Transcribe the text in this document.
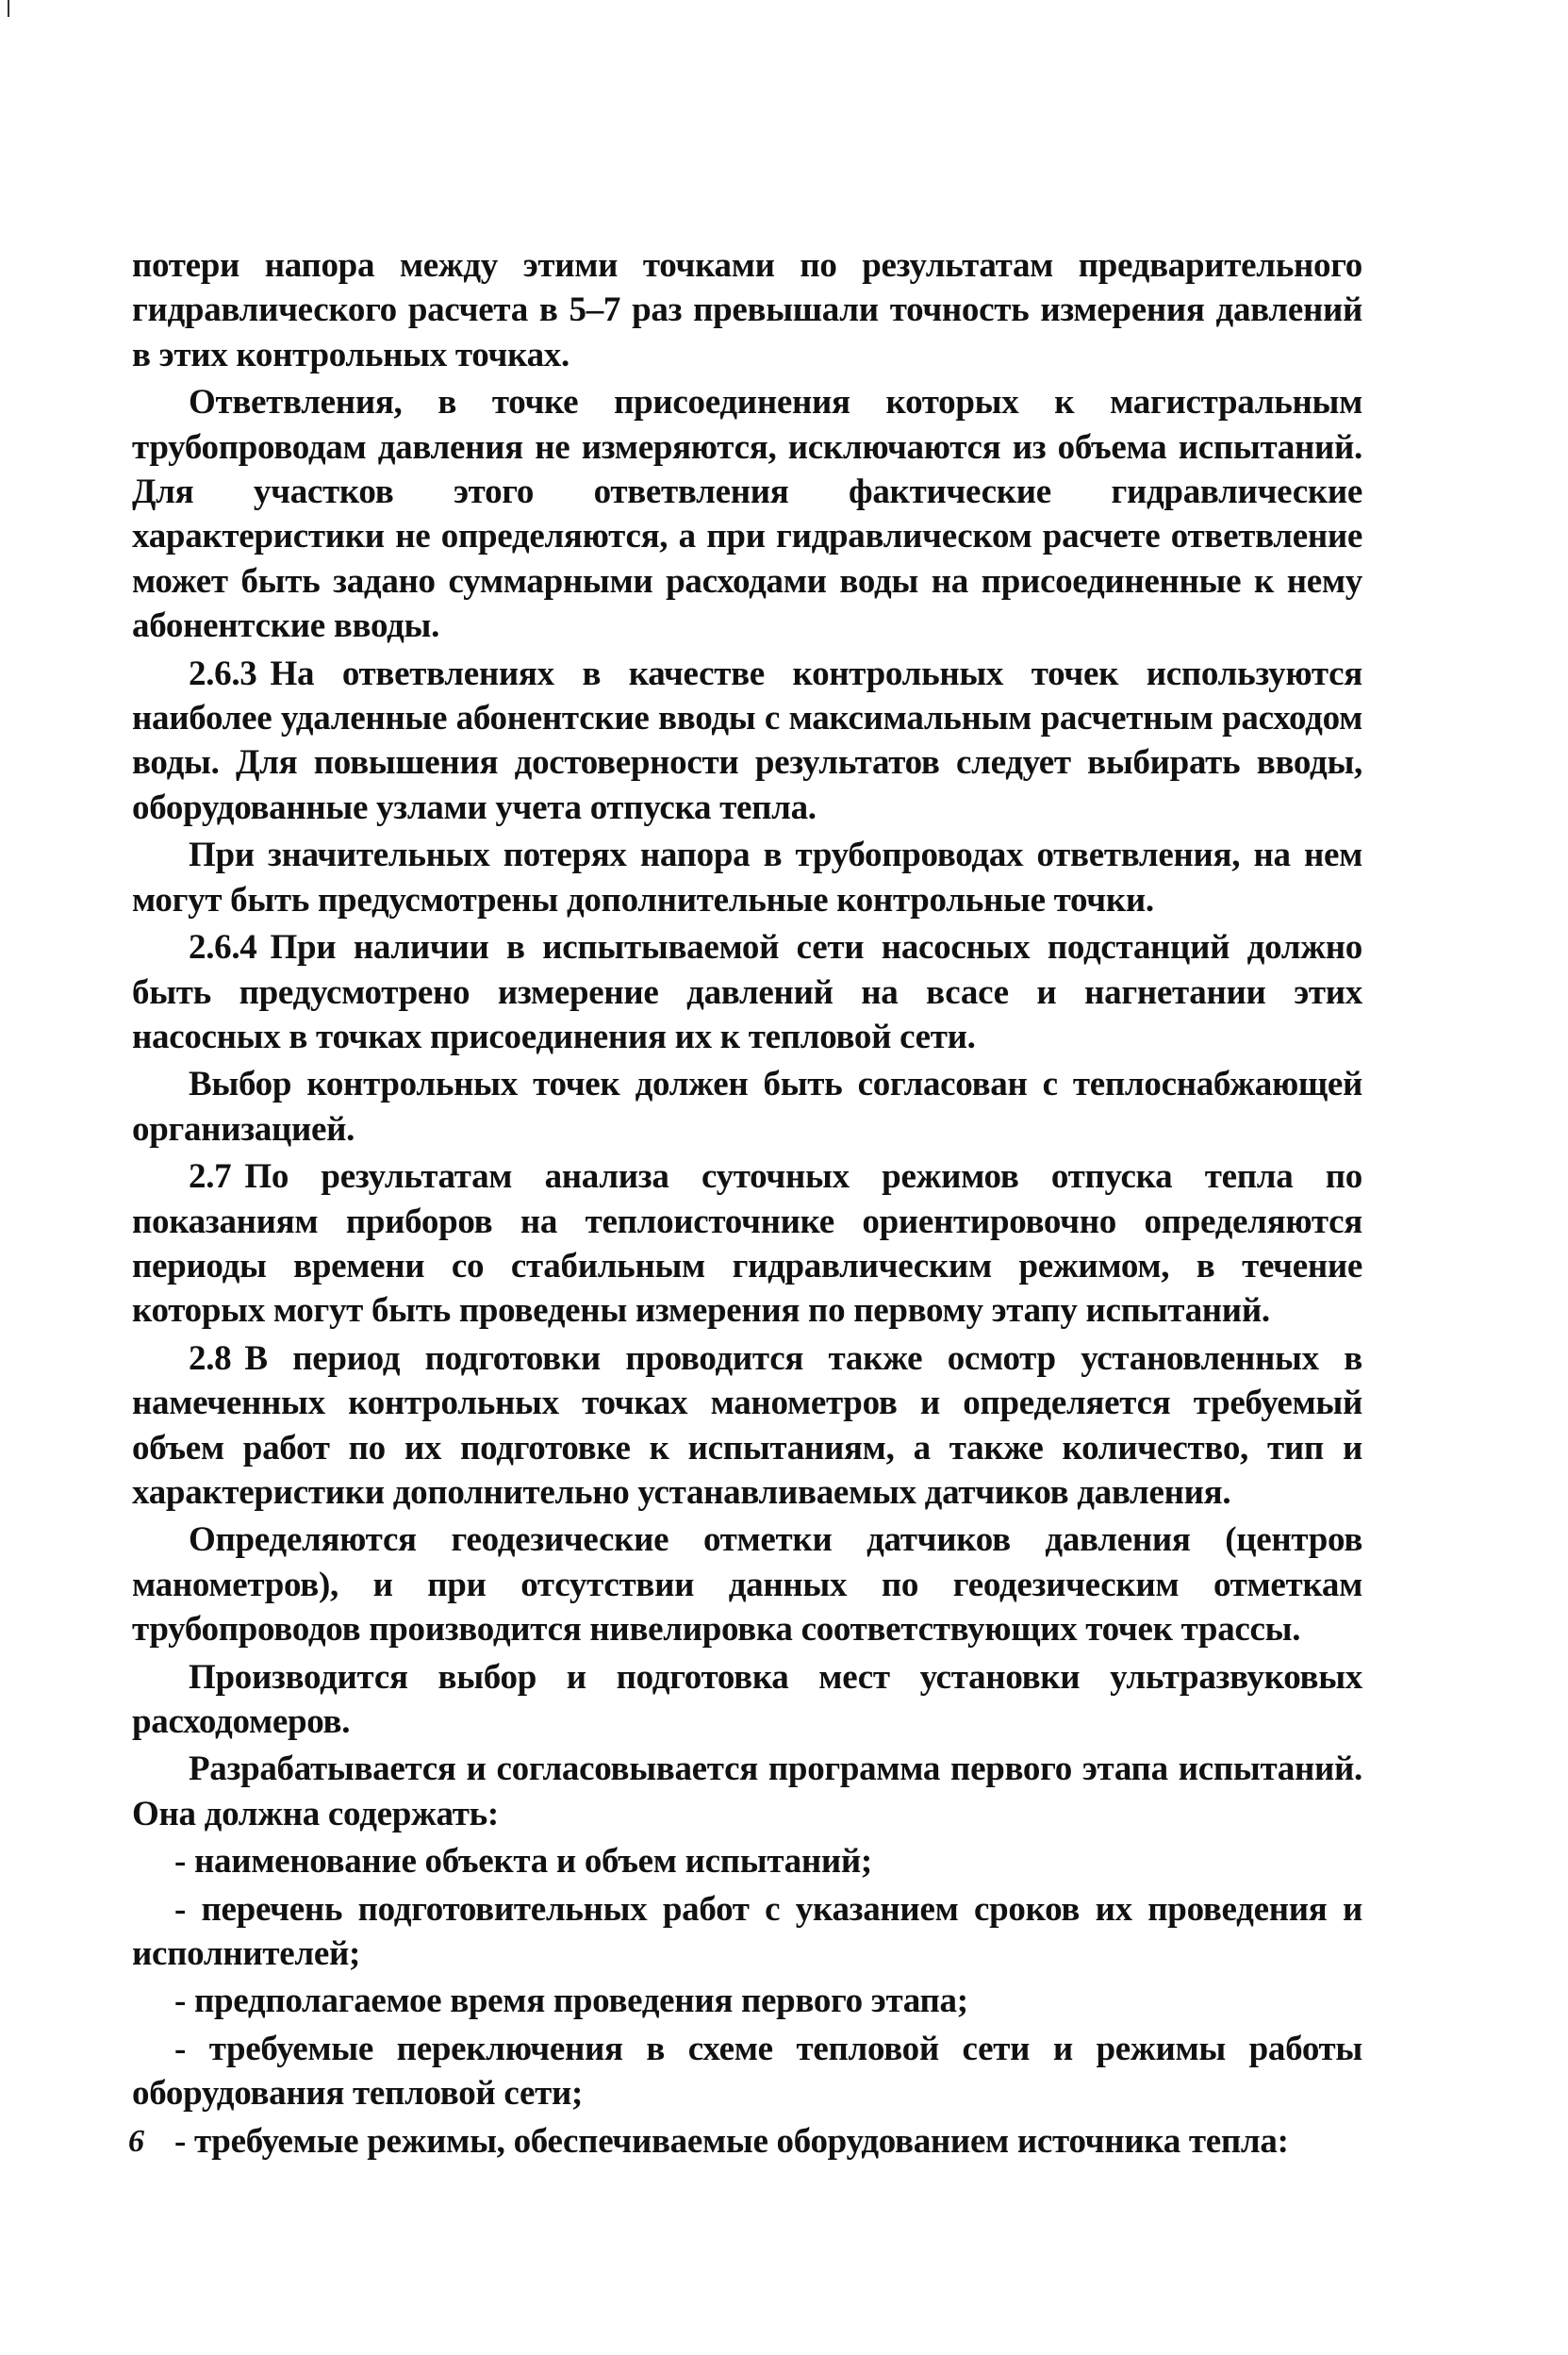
потери напора между этими точками по результатам предварительного гидравлического расчета в 5–7 раз превышали точность измерения давлений в этих контрольных точках.

Ответвления, в точке присоединения которых к магистральным трубопроводам давления не измеряются, исключаются из объема испытаний. Для участков этого ответвления фактические гидравлические характеристики не определяются, а при гидравлическом расчете ответвление может быть задано суммарными расходами воды на присоединенные к нему абонентские вводы.

2.6.3 На ответвлениях в качестве контрольных точек используются наиболее удаленные абонентские вводы с максимальным расчетным расходом воды. Для повышения достоверности результатов следует выбирать вводы, оборудованные узлами учета отпуска тепла.

При значительных потерях напора в трубопроводах ответвления, на нем могут быть предусмотрены дополнительные контрольные точки.

2.6.4 При наличии в испытываемой сети насосных подстанций должно быть предусмотрено измерение давлений на всасе и нагнетании этих насосных в точках присоединения их к тепловой сети.

Выбор контрольных точек должен быть согласован с теплоснабжающей организацией.

2.7 По результатам анализа суточных режимов отпуска тепла по показаниям приборов на теплоисточнике ориентировочно определяются периоды времени со стабильным гидравлическим режимом, в течение которых могут быть проведены измерения по первому этапу испытаний.

2.8 В период подготовки проводится также осмотр установленных в намеченных контрольных точках манометров и определяется требуемый объем работ по их подготовке к испытаниям, а также количество, тип и характеристики дополнительно устанавливаемых датчиков давления.

Определяются геодезические отметки датчиков давления (центров манометров), и при отсутствии данных по геодезическим отметкам трубопроводов производится нивелировка соответствующих точек трассы.

Производится выбор и подготовка мест установки ультразвуковых расходомеров.

Разрабатывается и согласовывается программа первого этапа испытаний. Она должна содержать:

- наименование объекта и объем испытаний;

- перечень подготовительных работ с указанием сроков их проведения и исполнителей;

- предполагаемое время проведения первого этапа;

- требуемые переключения в схеме тепловой сети и режимы работы оборудования тепловой сети;

- требуемые режимы, обеспечиваемые оборудованием источника тепла:

6
